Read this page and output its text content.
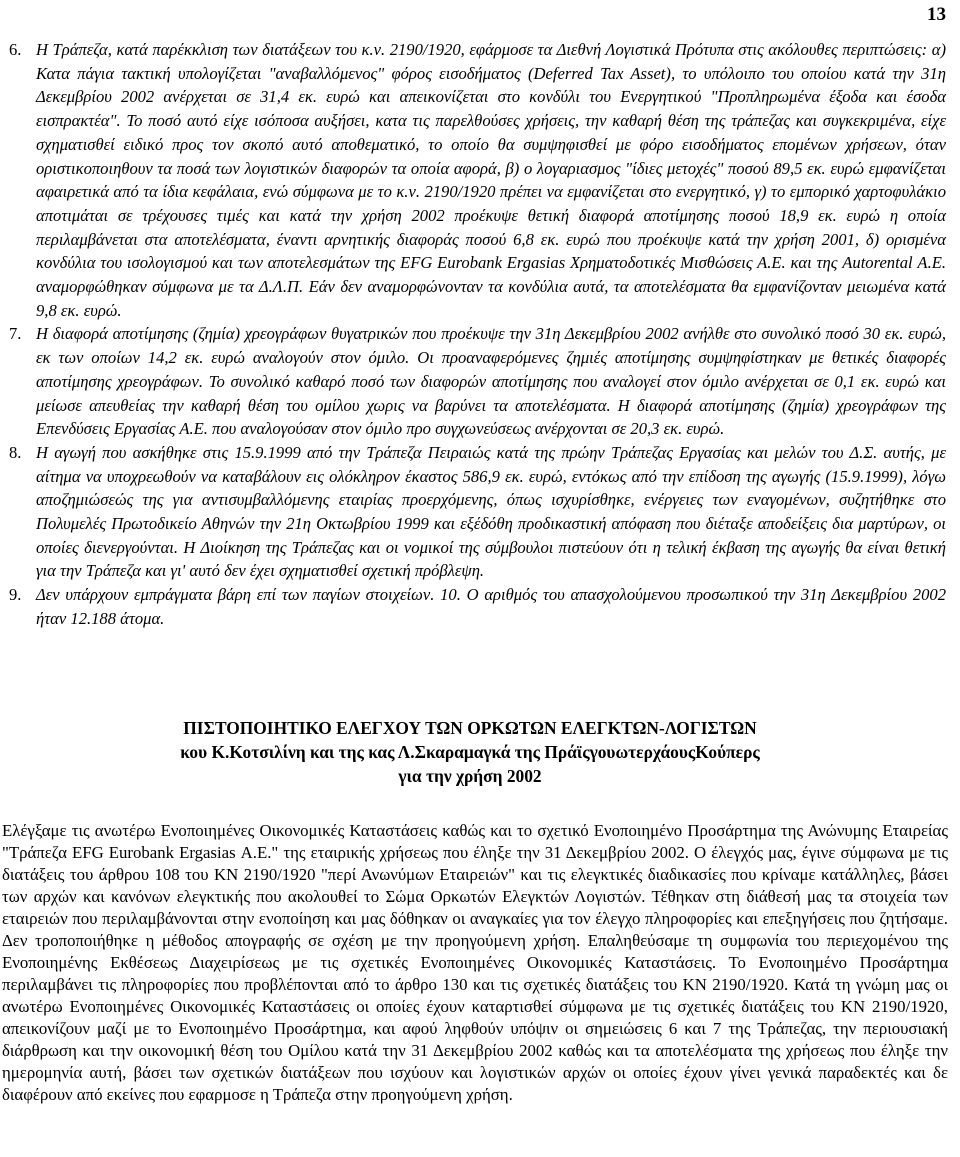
13
6. Η Τράπεζα, κατά παρέκκλιση των διατάξεων του κ.ν. 2190/1920, εφάρμοσε τα Διεθνή Λογιστικά Πρότυπα στις ακόλουθες περιπτώσεις: α) Κατα πάγια τακτική υπολογίζεται "αναβαλλόμενος" φόρος εισοδήματος (Deferred Tax Asset), το υπόλοιπο του οποίου κατά την 31η Δεκεμβρίου 2002 ανέρχεται σε 31,4 εκ. ευρώ και απεικονίζεται στο κονδύλι του Ενεργητικού "Προπληρωμένα έξοδα και έσοδα εισπρακτέα". Το ποσό αυτό είχε ισόποσα αυξήσει, κατα τις παρελθούσες χρήσεις, την καθαρή θέση της τράπεζας και συγκεκριμένα, είχε σχηματισθεί ειδικό προς τον σκοπό αυτό αποθεματικό, το οποίο θα συμψηφισθεί με φόρο εισοδήματος επομένων χρήσεων, όταν οριστικοποιηθουν τα ποσά των λογιστικών διαφορών τα οποία αφορά, β) ο λογαριασμος "ίδιες μετοχές" ποσού 89,5 εκ. ευρώ εμφανίζεται αφαιρετικά από τα ίδια κεφάλαια, ενώ σύμφωνα με το κ.ν. 2190/1920 πρέπει να εμφανίζεται στο ενεργητικό, γ) το εμπορικό χαρτοφυλάκιο αποτιμάται σε τρέχουσες τιμές και κατά την χρήση 2002 προέκυψε θετική διαφορά αποτίμησης ποσού 18,9 εκ. ευρώ η οποία περιλαμβάνεται στα αποτελέσματα, έναντι αρνητικής διαφοράς ποσού 6,8 εκ. ευρώ που προέκυψε κατά την χρήση 2001, δ) ορισμένα κονδύλια του ισολογισμού και των αποτελεσμάτων της EFG Eurobank Ergasias Χρηματοδοτικές Μισθώσεις Α.Ε. και της Autorental Α.Ε. αναμορφώθηκαν σύμφωνα με τα Δ.Λ.Π. Εάν δεν αναμορφώνονταν τα κονδύλια αυτά, τα αποτελέσματα θα εμφανίζονταν μειωμένα κατά 9,8 εκ. ευρώ.
7. Η διαφορά αποτίμησης (ζημία) χρεογράφων θυγατρικών που προέκυψε την 31η Δεκεμβρίου 2002 ανήλθε στο συνολικό ποσό 30 εκ. ευρώ, εκ των οποίων 14,2 εκ. ευρώ αναλογούν στον όμιλο. Οι προαναφερόμενες ζημιές αποτίμησης συμψηφίστηκαν με θετικές διαφορές αποτίμησης χρεογράφων. Το συνολικό καθαρό ποσό των διαφορών αποτίμησης που αναλογεί στον όμιλο ανέρχεται σε 0,1 εκ. ευρώ και μείωσε απευθείας την καθαρή θέση του ομίλου χωρις να βαρύνει τα αποτελέσματα. Η διαφορά αποτίμησης (ζημία) χρεογράφων της Επενδύσεις Εργασίας Α.Ε. που αναλογούσαν στον όμιλο προ συγχωνεύσεως ανέρχονται σε 20,3 εκ. ευρώ.
8. Η αγωγή που ασκήθηκε στις 15.9.1999 από την Τράπεζα Πειραιώς κατά της πρώην Τράπεζας Εργασίας και μελών του Δ.Σ. αυτής, με αίτημα να υποχρεωθούν να καταβάλουν εις ολόκληρον έκαστος 586,9 εκ. ευρώ, εντόκως από την επίδοση της αγωγής (15.9.1999), λόγω αποζημιώσεώς της για αντισυμβαλλόμενης εταιρίας προερχόμενης, όπως ισχυρίσθηκε, ενέργειες των εναγομένων, συζητήθηκε στο Πολυμελές Πρωτοδικείο Αθηνών την 21η Οκτωβρίου 1999 και εξέδόθη προδικαστική απόφαση που διέταξε αποδείξεις δια μαρτύρων, οι οποίες διενεργούνται. Η Διοίκηση της Τράπεζας και οι νομικοί της σύμβουλοι πιστεύουν ότι η τελική έκβαση της αγωγής θα είναι θετική για την Τράπεζα και γι' αυτό δεν έχει σχηματισθεί σχετική πρόβλεψη.
9. Δεν υπάρχουν εμπράγματα βάρη επί των παγίων στοιχείων. 10. Ο αριθμός του απασχολούμενου προσωπικού την 31η Δεκεμβρίου 2002 ήταν 12.188 άτομα.
ΠΙΣΤΟΠΟΙΗΤΙΚΟ ΕΛΕΓΧΟΥ ΤΩΝ ΟΡΚΩΤΩΝ ΕΛΕΓΚΤΩΝ-ΛΟΓΙΣΤΩΝ
κου Κ.Κοτσιλίνη και της κας Λ.Σκαραμαγκά της ΠράϊςγουωτερχάουςΚούπερς
για την χρήση 2002

Ελέγξαμε τις ανωτέρω Ενοποιημένες Οικονομικές Καταστάσεις καθώς και το σχετικό Ενοποιημένο Προσάρτημα της Ανώνυμης Εταιρείας "Τράπεζα EFG Eurobank Ergasias Α.Ε." της εταιρικής χρήσεως που έληξε την 31 Δεκεμβρίου 2002. Ο έλεγχός μας, έγινε σύμφωνα με τις διατάξεις του άρθρου 108 του ΚΝ 2190/1920 "περί Ανωνύμων Εταιρειών" και τις ελεγκτικές διαδικασίες που κρίναμε κατάλληλες, βάσει των αρχών και κανόνων ελεγκτικής που ακολουθεί το Σώμα Ορκωτών Ελεγκτών Λογιστών. Τέθηκαν στη διάθεσή μας τα στοιχεία των εταιρειών που περιλαμβάνονται στην ενοποίηση και μας δόθηκαν οι αναγκαίες για τον έλεγχο πληροφορίες και επεξηγήσεις που ζητήσαμε. Δεν τροποποιήθηκε η μέθοδος απογραφής σε σχέση με την προηγούμενη χρήση. Επαληθεύσαμε τη συμφωνία του περιεχομένου της Ενοποιημένης Εκθέσεως Διαχειρίσεως με τις σχετικές Ενοποιημένες Οικονομικές Καταστάσεις. Το Ενοποιημένο Προσάρτημα περιλαμβάνει τις πληροφορίες που προβλέπονται από το άρθρο 130 και τις σχετικές διατάξεις του ΚΝ 2190/1920. Κατά τη γνώμη μας οι ανωτέρω Ενοποιημένες Οικονομικές Καταστάσεις οι οποίες έχουν καταρτισθεί σύμφωνα με τις σχετικές διατάξεις του ΚΝ 2190/1920, απεικονίζουν μαζί με το Ενοποιημένο Προσάρτημα, και αφού ληφθούν υπόψιν οι σημειώσεις 6 και 7 της Τράπεζας, την περιουσιακή διάρθρωση και την οικονομική θέση του Ομίλου κατά την 31 Δεκεμβρίου 2002 καθώς και τα αποτελέσματα της χρήσεως που έληξε την ημερομηνία αυτή, βάσει των σχετικών διατάξεων που ισχύουν και λογιστικών αρχών οι οποίες έχουν γίνει γενικά παραδεκτές και δε διαφέρουν από εκείνες που εφαρμοσε η Τράπεζα στην προηγούμενη χρήση.
